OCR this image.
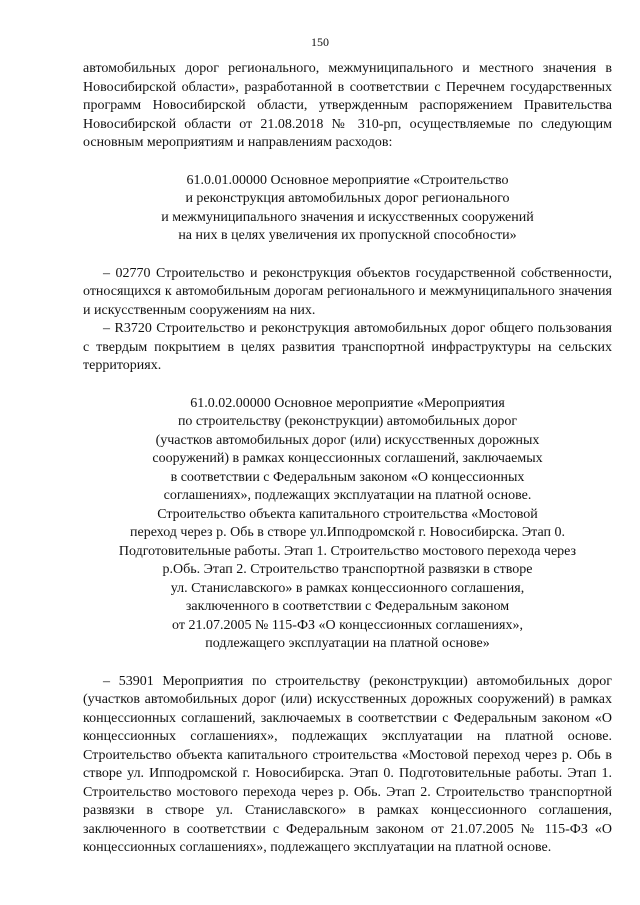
150

автомобильных дорог регионального, межмуниципального и местного значения в Новосибирской области», разработанной в соответствии с Перечнем государственных программ Новосибирской области, утвержденным распоряжением Правительства Новосибирской области от 21.08.2018 № 310-рп, осуществляемые по следующим основным мероприятиям и направлениям расходов:

61.0.01.00000 Основное мероприятие «Строительство
и реконструкция автомобильных дорог регионального
и межмуниципального значения и искусственных сооружений
на них в целях увеличения их пропускной способности»

– 02770 Строительство и реконструкция объектов государственной собственности, относящихся к автомобильным дорогам регионального и межмуниципального значения и искусственным сооружениям на них.

– R3720 Строительство и реконструкция автомобильных дорог общего пользования с твердым покрытием в целях развития транспортной инфраструктуры на сельских территориях.

61.0.02.00000 Основное мероприятие «Мероприятия
по строительству (реконструкции) автомобильных дорог
(участков автомобильных дорог (или) искусственных дорожных
сооружений) в рамках концессионных соглашений, заключаемых
в соответствии с Федеральным законом «О концессионных
соглашениях», подлежащих эксплуатации на платной основе.
Строительство объекта капитального строительства «Мостовой
переход через р. Обь в створе ул.Ипподромской г. Новосибирска. Этап 0.
Подготовительные работы. Этап 1. Строительство мостового перехода через
р.Обь. Этап 2. Строительство транспортной развязки в створе
ул. Станиславского» в рамках концессионного соглашения,
заключенного в соответствии с Федеральным законом
от 21.07.2005 № 115-ФЗ «О концессионных соглашениях»,
подлежащего эксплуатации на платной основе»

– 53901 Мероприятия по строительству (реконструкции) автомобильных дорог (участков автомобильных дорог (или) искусственных дорожных сооружений) в рамках концессионных соглашений, заключаемых в соответствии с Федеральным законом «О концессионных соглашениях», подлежащих эксплуатации на платной основе. Строительство объекта капитального строительства «Мостовой переход через р. Обь в створе ул. Ипподромской г. Новосибирска. Этап 0. Подготовительные работы. Этап 1. Строительство мостового перехода через р. Обь. Этап 2. Строительство транспортной развязки в створе ул. Станиславского» в рамках концессионного соглашения, заключенного в соответствии с Федеральным законом от 21.07.2005 № 115-ФЗ «О концессионных соглашениях», подлежащего эксплуатации на платной основе.
